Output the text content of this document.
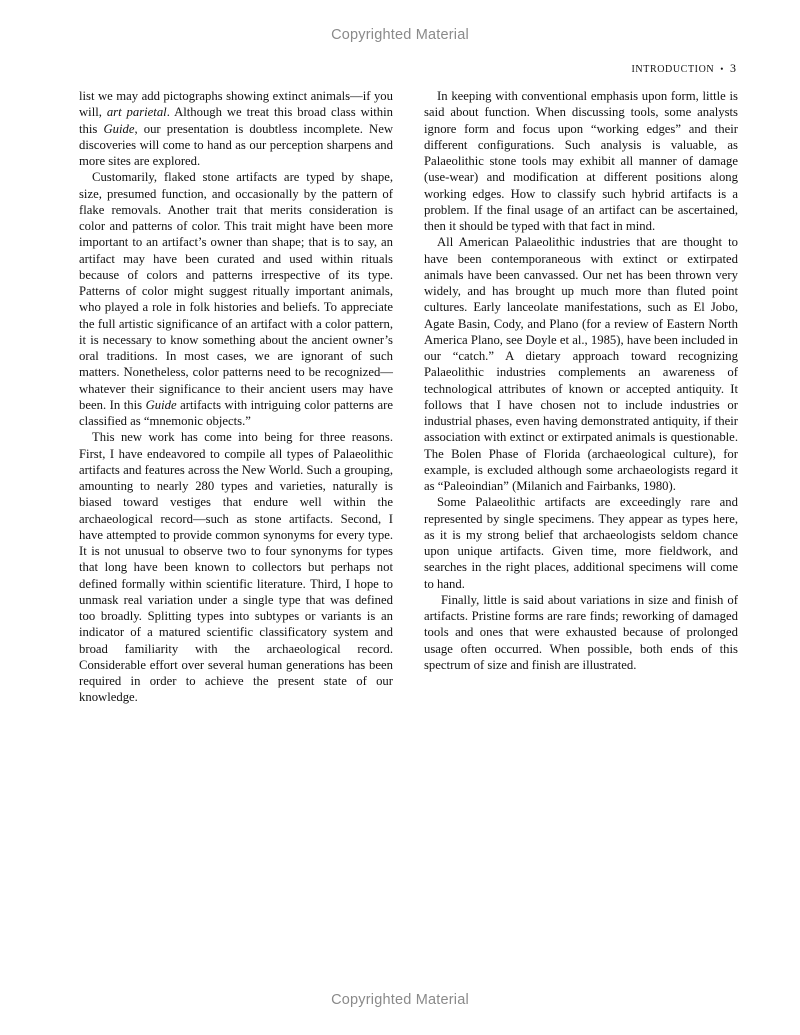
Copyrighted Material
INTRODUCTION • 3

list we may add pictographs showing extinct animals—if you will, art parietal. Although we treat this broad class within this Guide, our presentation is doubtless incomplete. New discoveries will come to hand as our perception sharpens and more sites are explored.

Customarily, flaked stone artifacts are typed by shape, size, presumed function, and occasionally by the pattern of flake removals. Another trait that merits consideration is color and patterns of color. This trait might have been more important to an artifact’s owner than shape; that is to say, an artifact may have been curated and used within rituals because of colors and patterns irrespective of its type. Patterns of color might suggest ritually important animals, who played a role in folk histories and beliefs. To appreciate the full artistic significance of an artifact with a color pattern, it is necessary to know something about the ancient owner’s oral traditions. In most cases, we are ignorant of such matters. Nonetheless, color patterns need to be recognized—whatever their significance to their ancient users may have been. In this Guide artifacts with intriguing color patterns are classified as “mnemonic objects.”

This new work has come into being for three reasons. First, I have endeavored to compile all types of Palaeolithic artifacts and features across the New World. Such a grouping, amounting to nearly 280 types and varieties, naturally is biased toward vestiges that endure well within the archaeological record—such as stone artifacts. Second, I have attempted to provide common synonyms for every type. It is not unusual to observe two to four synonyms for types that long have been known to collectors but perhaps not defined formally within scientific literature. Third, I hope to unmask real variation under a single type that was defined too broadly. Splitting types into subtypes or variants is an indicator of a matured scientific classificatory system and broad familiarity with the archaeological record. Considerable effort over several human generations has been required in order to achieve the present state of our knowledge.

In keeping with conventional emphasis upon form, little is said about function. When discussing tools, some analysts ignore form and focus upon “working edges” and their different configurations. Such analysis is valuable, as Palaeolithic stone tools may exhibit all manner of damage (use-wear) and modification at different positions along working edges. How to classify such hybrid artifacts is a problem. If the final usage of an artifact can be ascertained, then it should be typed with that fact in mind.

All American Palaeolithic industries that are thought to have been contemporaneous with extinct or extirpated animals have been canvassed. Our net has been thrown very widely, and has brought up much more than fluted point cultures. Early lanceolate manifestations, such as El Jobo, Agate Basin, Cody, and Plano (for a review of Eastern North America Plano, see Doyle et al., 1985), have been included in our “catch.” A dietary approach toward recognizing Palaeolithic industries complements an awareness of technological attributes of known or accepted antiquity. It follows that I have chosen not to include industries or industrial phases, even having demonstrated antiquity, if their association with extinct or extirpated animals is questionable. The Bolen Phase of Florida (archaeological culture), for example, is excluded although some archaeologists regard it as “Paleoindian” (Milanich and Fairbanks, 1980).

Some Palaeolithic artifacts are exceedingly rare and represented by single specimens. They appear as types here, as it is my strong belief that archaeologists seldom chance upon unique artifacts. Given time, more fieldwork, and searches in the right places, additional specimens will come to hand.

Finally, little is said about variations in size and finish of artifacts. Pristine forms are rare finds; reworking of damaged tools and ones that were exhausted because of prolonged usage often occurred. When possible, both ends of this spectrum of size and finish are illustrated.

Copyrighted Material
